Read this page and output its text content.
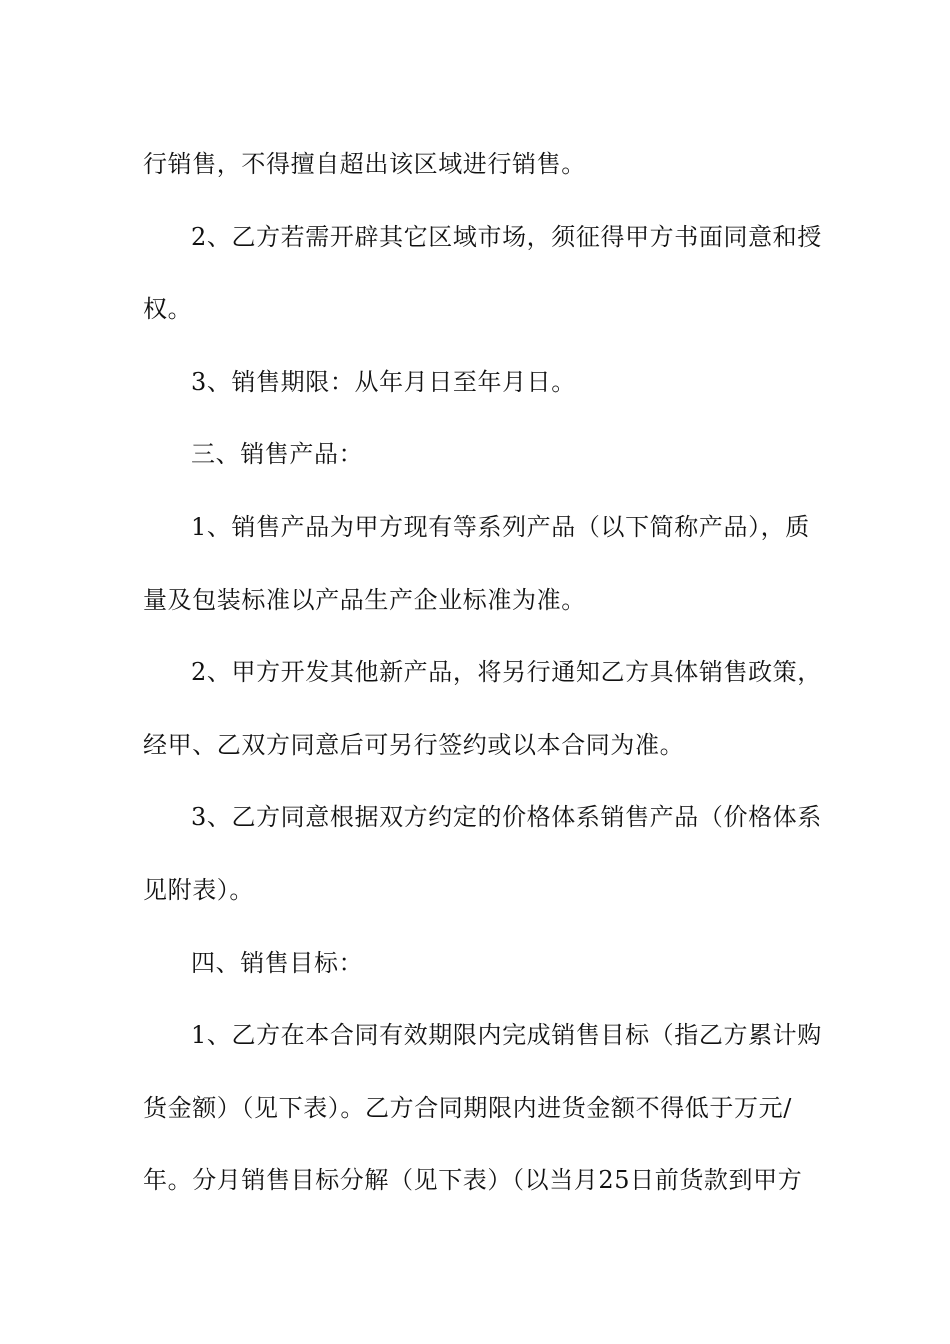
行销售，不得擅自超出该区域进行销售。
2、乙方若需开辟其它区域市场，须征得甲方书面同意和授
权。
3、销售期限：从年月日至年月日。
三、销售产品：
1、销售产品为甲方现有等系列产品（以下简称产品），质
量及包装标准以产品生产企业标准为准。
2、甲方开发其他新产品，将另行通知乙方具体销售政策，
经甲、乙双方同意后可另行签约或以本合同为准。
3、乙方同意根据双方约定的价格体系销售产品（价格体系
见附表）。
四、销售目标：
1、乙方在本合同有效期限内完成销售目标（指乙方累计购
货金额）（见下表）。乙方合同期限内进货金额不得低于万元/
年。分月销售目标分解（见下表）（以当月25日前货款到甲方
